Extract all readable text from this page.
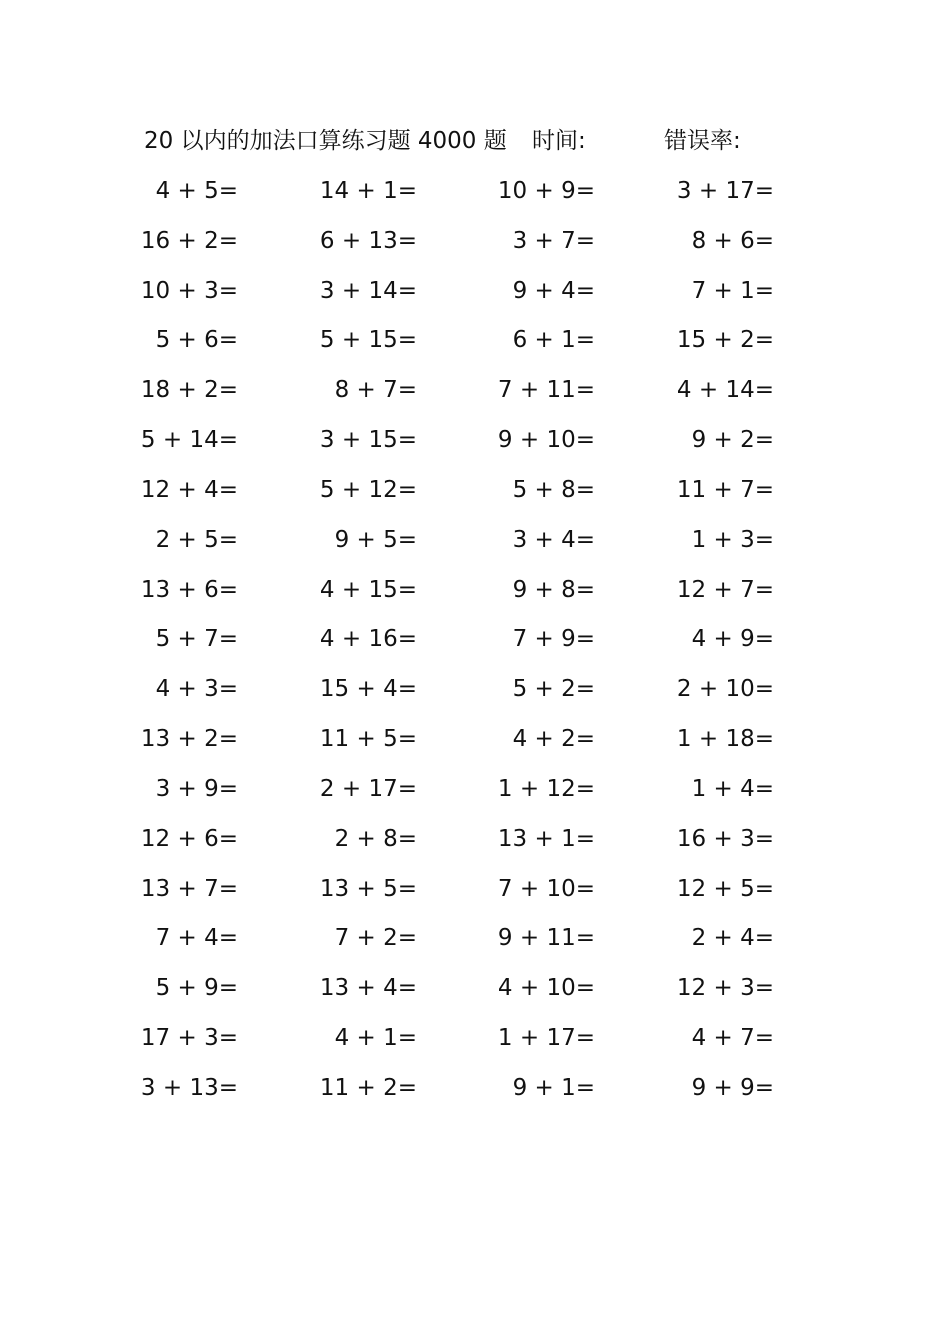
20 以内的加法口算练习题 4000 题 时间:	错误率:
4 + 5=	14 + 1=	10 + 9=	3 + 17=
16 + 2=	6 + 13=	3 + 7=	8 + 6=
10 + 3=	3 + 14=	9 + 4=	7 + 1=
5 + 6=	5 + 15=	6 + 1=	15 + 2=
18 + 2=	8 + 7=	7 + 11=	4 + 14=
5 + 14=	3 + 15=	9 + 10=	9 + 2=
12 + 4=	5 + 12=	5 + 8=	11 + 7=
2 + 5=	9 + 5=	3 + 4=	1 + 3=
13 + 6=	4 + 15=	9 + 8=	12 + 7=
5 + 7=	4 + 16=	7 + 9=	4 + 9=
4 + 3=	15 + 4=	5 + 2=	2 + 10=
13 + 2=	11 + 5=	4 + 2=	1 + 18=
3 + 9=	2 + 17=	1 + 12=	1 + 4=
12 + 6=	2 + 8=	13 + 1=	16 + 3=
13 + 7=	13 + 5=	7 + 10=	12 + 5=
7 + 4=	7 + 2=	9 + 11=	2 + 4=
5 + 9=	13 + 4=	4 + 10=	12 + 3=
17 + 3=	4 + 1=	1 + 17=	4 + 7=
3 + 13=	11 + 2=	9 + 1=	9 + 9=
